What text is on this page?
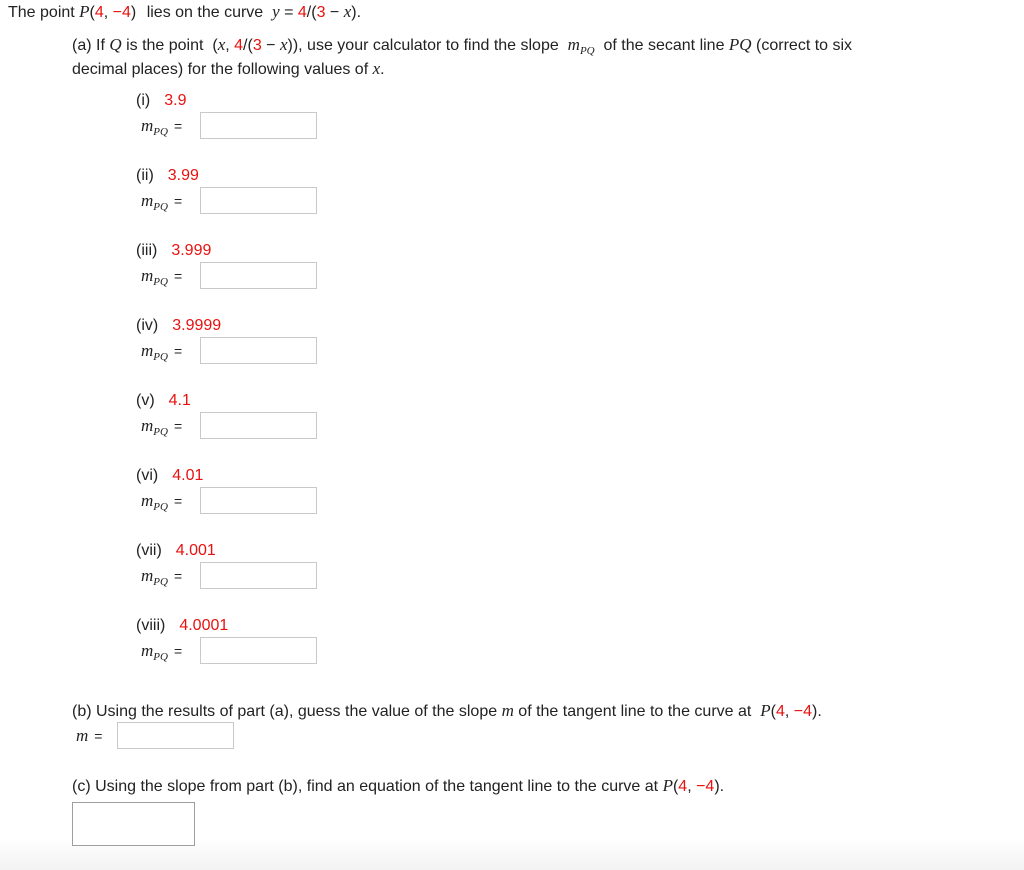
The point P(4, −4) lies on the curve  y = 4/(3 − x).
(a) If Q is the point  (x, 4/(3 − x)), use your calculator to find the slope  $m_{PQ}$  of the secant line PQ (correct to six
decimal places) for the following values of x.
(i) 3.9
$m_{PQ}$ =
(ii) 3.99
$m_{PQ}$ =
(iii) 3.999
$m_{PQ}$ =
(iv) 3.9999
$m_{PQ}$ =
(v) 4.1
$m_{PQ}$ =
(vi) 4.01
$m_{PQ}$ =
(vii) 4.001
$m_{PQ}$ =
(viii) 4.0001
$m_{PQ}$ =
(b) Using the results of part (a), guess the value of the slope m of the tangent line to the curve at  P(4, −4).
m =
(c) Using the slope from part (b), find an equation of the tangent line to the curve at P(4, −4).
